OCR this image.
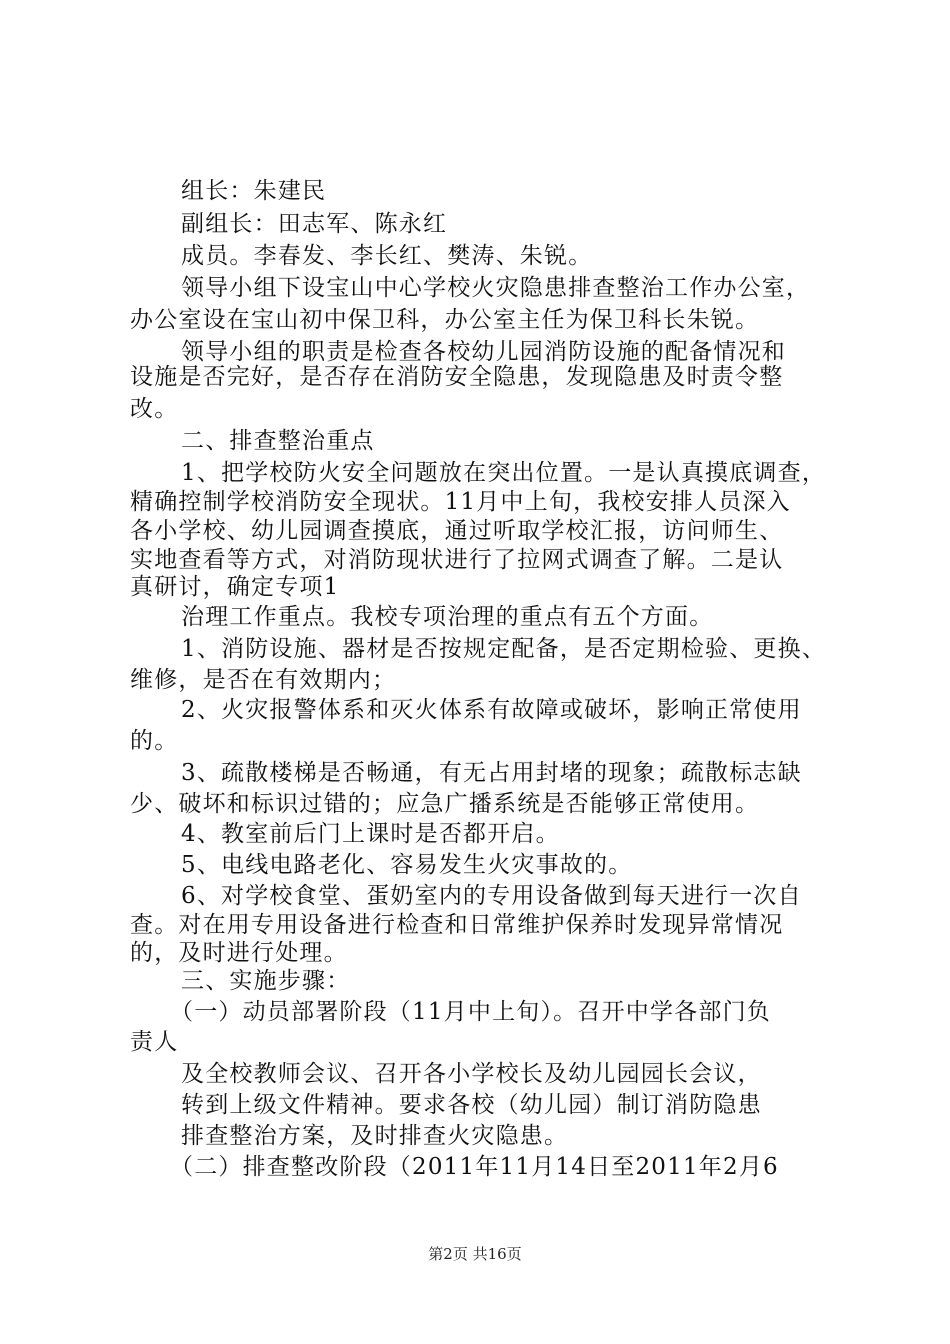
组长：朱建民
副组长：田志军、陈永红
成员。李春发、李长红、樊涛、朱锐。
领导小组下设宝山中心学校火灾隐患排查整治工作办公室，
办公室设在宝山初中保卫科，办公室主任为保卫科长朱锐。
领导小组的职责是检查各校幼儿园消防设施的配备情况和
设施是否完好，是否存在消防安全隐患，发现隐患及时责令整
改。
二、排查整治重点
1、把学校防火安全问题放在突出位置。一是认真摸底调查，
精确控制学校消防安全现状。11月中上旬，我校安排人员深入
各小学校、幼儿园调查摸底，通过听取学校汇报，访问师生、
实地查看等方式，对消防现状进行了拉网式调查了解。二是认
真研讨，确定专项1
治理工作重点。我校专项治理的重点有五个方面。
1、消防设施、器材是否按规定配备，是否定期检验、更换、
维修，是否在有效期内；
2、火灾报警体系和灭火体系有故障或破坏，影响正常使用
的。
3、疏散楼梯是否畅通，有无占用封堵的现象；疏散标志缺
少、破坏和标识过错的；应急广播系统是否能够正常使用。
4、教室前后门上课时是否都开启。
5、电线电路老化、容易发生火灾事故的。
6、对学校食堂、蛋奶室内的专用设备做到每天进行一次自
查。对在用专用设备进行检查和日常维护保养时发现异常情况
的，及时进行处理。
三、实施步骤：
（一）动员部署阶段（11月中上旬）。召开中学各部门负
责人
及全校教师会议、召开各小学校长及幼儿园园长会议，
转到上级文件精神。要求各校（幼儿园）制订消防隐患
排查整治方案，及时排查火灾隐患。
（二）排查整改阶段（2011年11月14日至2011年2月6
第2页 共16页
